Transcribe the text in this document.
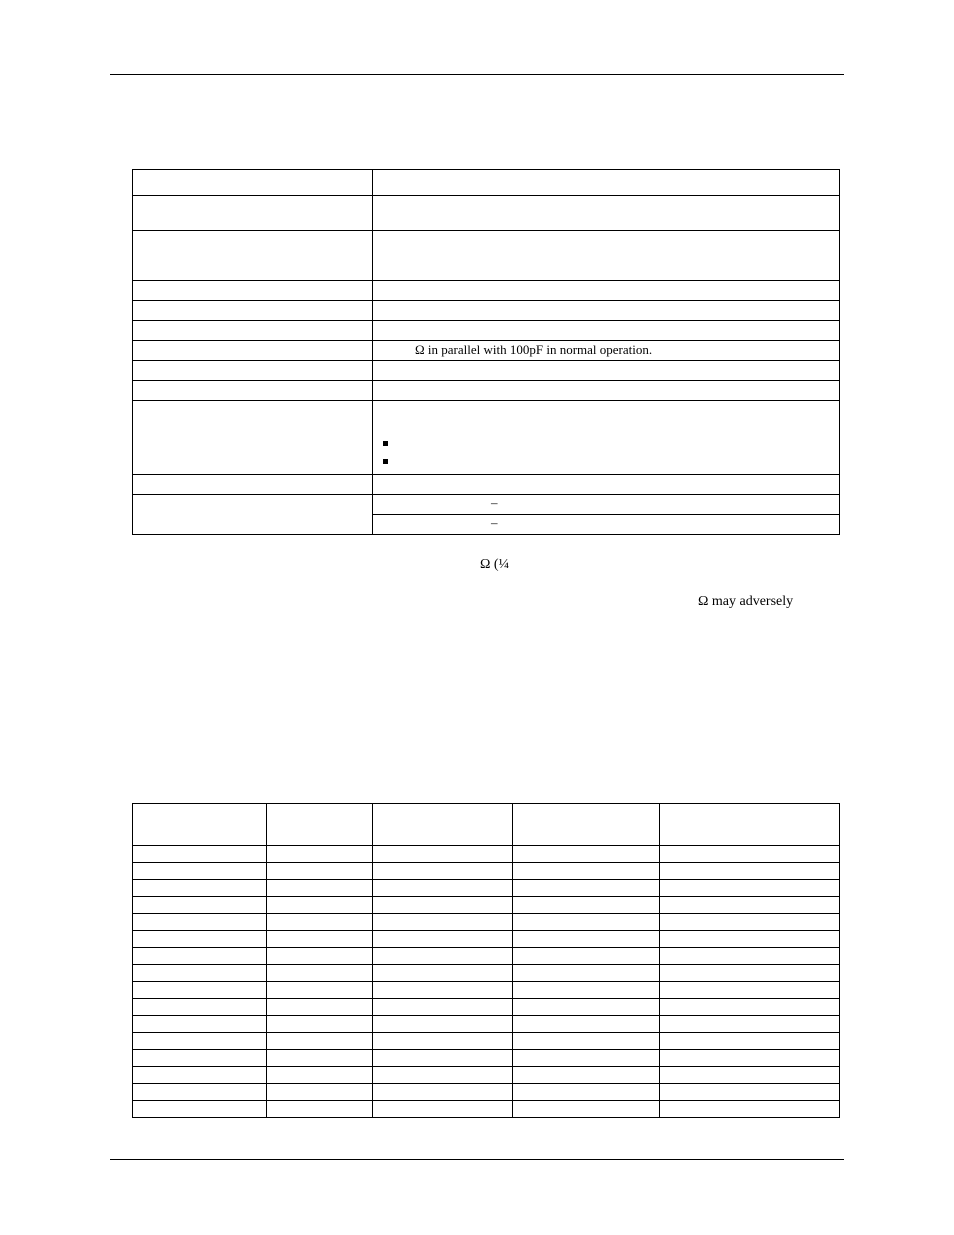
	Ω in parallel with 100pF in normal operation.

	–
	–
Ω (¼
Ω may adversely
